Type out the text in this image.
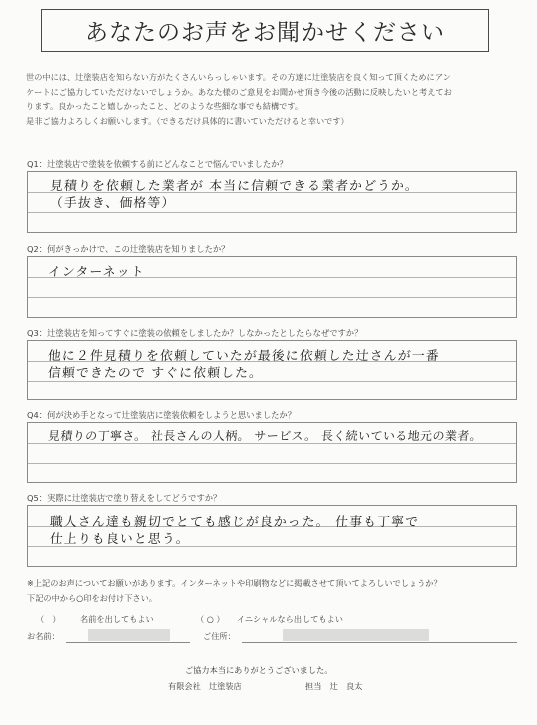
あなたのお声をお聞かせください
世の中には、辻塗装店を知らない方がたくさんいらっしゃいます。その方達に辻塗装店を良く知って頂くためにアン
ケートにご協力していただけないでしょうか。あなた様のご意見をお聞かせ頂き今後の活動に反映したいと考えてお
ります。良かったこと嬉しかったこと、どのような些細な事でも結構です。
是非ご協力よろしくお願いします。（できるだけ具体的に書いていただけると幸いです）
Q1：辻塗装店で塗装を依頼する前にどんなことで悩んでいましたか？
見積りを依頼した業者が 本当に信頼できる業者かどうか。
（手抜き、価格等）
Q2：何がきっかけで、この辻塗装店を知りましたか？
インターネット
Q3：辻塗装店を知ってすぐに塗装の依頼をしましたか？しなかったとしたらなぜですか？
他に２件見積りを依頼していたが最後に依頼した辻さんが一番
信頼できたので すぐに依頼した。
Q4：何が決め手となって辻塗装店に塗装依頼をしようと思いましたか？
見積りの丁寧さ。 社長さんの人柄。 サービス。 長く続いている地元の業者。
Q5：実際に辻塗装店で塗り替えをしてどうですか？
職人さん達も親切でとても感じが良かった。 仕事も丁寧で
仕上りも良いと思う。
※上記のお声についてお願いがあります。インターネットや印刷物などに掲載させて頂いてよろしいでしょうか？
下記の中から○印をお付け下さい。
（　） 名前を出してもよい	（ ○ ） イニシャルなら出してもよい
お名前：	ご住所：
ご協力本当にありがとうございました。
有限会社　辻塗装店	担当　辻　良太
